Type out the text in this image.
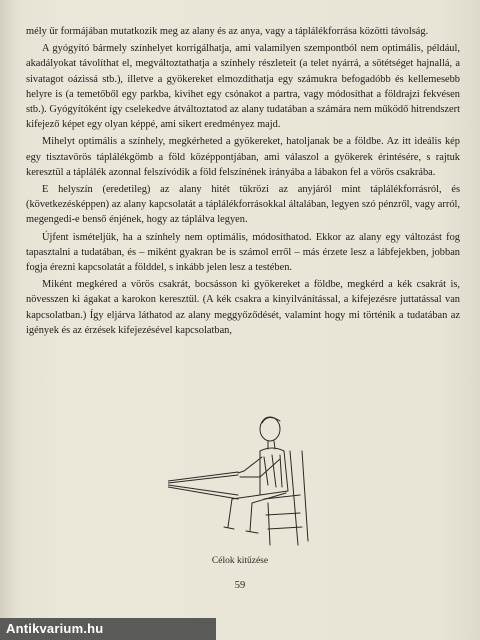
mély űr formájában mutatkozik meg az alany és az anya, vagy a táplálékforrása közötti távolság.

A gyógyító bármely színhelyet korrigálhatja, ami valamilyen szempontból nem optimális, például, akadályokat távolíthat el, megváltoztathatja a színhely részleteit (a telet nyárrá, a sötétséget hajnallá, a sivatagot oázissá stb.), illetve a gyökereket elmozdíthatja egy számukra befogadóbb és kellemesebb helyre is (a temetőből egy parkba, kivihet egy csónakot a partra, vagy módosíthat a földrajzi fekvésen stb.). Gyógyítóként így cselekedve átváltoztatod az alany tudatában a számára nem működő hitrendszert kifejező képet egy olyan képpé, ami sikert eredményez majd.

Mihelyt optimális a színhely, megkérheted a gyökereket, hatoljanak be a földbe. Az itt ideális kép egy tisztavörös táplálékgömb a föld középpontjában, ami válaszol a gyökerek érintésére, s rajtuk keresztül a táplálék azonnal felszívódik a föld felszínének irányába a lábakon fel a vörös csakrába.

E helyszín (eredetileg) az alany hitét tükrözi az anyjáról mint táplálékforrásról, és (következésképpen) az alany kapcsolatát a táplálékforrásokkal általában, legyen szó pénzről, vagy arról, megengedi-e benső énjének, hogy az táplálva legyen.

Újfent ismételjük, ha a színhely nem optimális, módosíthatod. Ekkor az alany egy változást fog tapasztalni a tudatában, és – miként gyakran be is számol erről – más érzete lesz a lábfejekben, jobban fogja érezni kapcsolatát a földdel, s inkább jelen lesz a testében.

Miként megkéred a vörös csakrát, bocsásson ki gyökereket a földbe, megkérd a kék csakrát is, növesszen ki ágakat a karokon keresztül. (A kék csakra a kinyilvánítással, a kifejezésre juttatással van kapcsolatban.) Így eljárva láthatod az alany meggyőződését, valamint hogy mi történik a tudatában az igények és az érzések kifejezésével kapcsolatban,

Célok kitűzése
59
Antikvarium.hu
